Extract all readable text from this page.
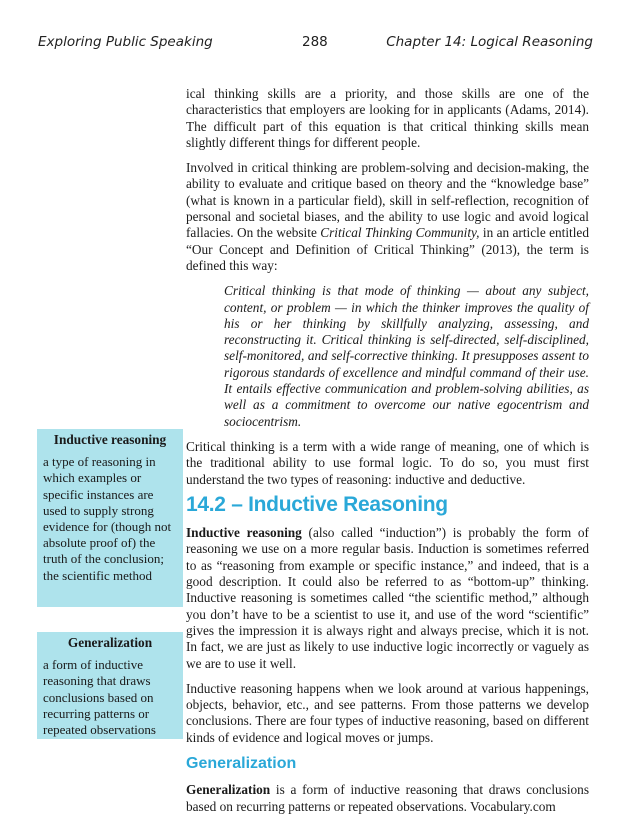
Exploring Public Speaking	288	Chapter 14: Logical Reasoning

ical thinking skills are a priority, and those skills are one of the characteristics that employers are looking for in applicants (Adams, 2014). The difficult part of this equation is that critical thinking skills mean slightly different things for different people.

Involved in critical thinking are problem-solving and decision-making, the ability to evaluate and critique based on theory and the “knowledge base” (what is known in a particular field), skill in self-reflection, recognition of personal and societal biases, and the ability to use logic and avoid logical fallacies. On the website Critical Thinking Community, in an article entitled “Our Concept and Definition of Critical Thinking” (2013), the term is defined this way:

Critical thinking is that mode of thinking — about any subject, content, or problem — in which the thinker improves the quality of his or her thinking by skillfully analyzing, assessing, and reconstructing it. Critical thinking is self-directed, self-disciplined, self-monitored, and self-corrective thinking. It presupposes assent to rigorous standards of excellence and mindful command of their use. It entails effective communication and problem-solving abilities, as well as a commitment to overcome our native egocentrism and sociocentrism.

Critical thinking is a term with a wide range of meaning, one of which is the traditional ability to use formal logic. To do so, you must first understand the two types of reasoning: inductive and deductive.

14.2 – Inductive Reasoning

Inductive reasoning (also called “induction”) is probably the form of reasoning we use on a more regular basis. Induction is sometimes referred to as “reasoning from example or specific instance,” and indeed, that is a good description. It could also be referred to as “bottom-up” thinking. Inductive reasoning is sometimes called “the scientific method,” although you don’t have to be a scientist to use it, and use of the word “scientific” gives the impression it is always right and always precise, which it is not. In fact, we are just as likely to use inductive logic incorrectly or vaguely as we are to use it well.

Inductive reasoning happens when we look around at various happenings, objects, behavior, etc., and see patterns. From those patterns we develop conclusions. There are four types of inductive reasoning, based on different kinds of evidence and logical moves or jumps.

Generalization

Generalization is a form of inductive reasoning that draws conclusions based on recurring patterns or repeated observations. Vocabulary.com

Inductive reasoning

a type of reasoning in which examples or specific instances are used to supply strong evidence for (though not absolute proof of) the truth of the conclusion; the scientific method

Generalization

a form of inductive reasoning that draws conclusions based on recurring patterns or repeated observations
